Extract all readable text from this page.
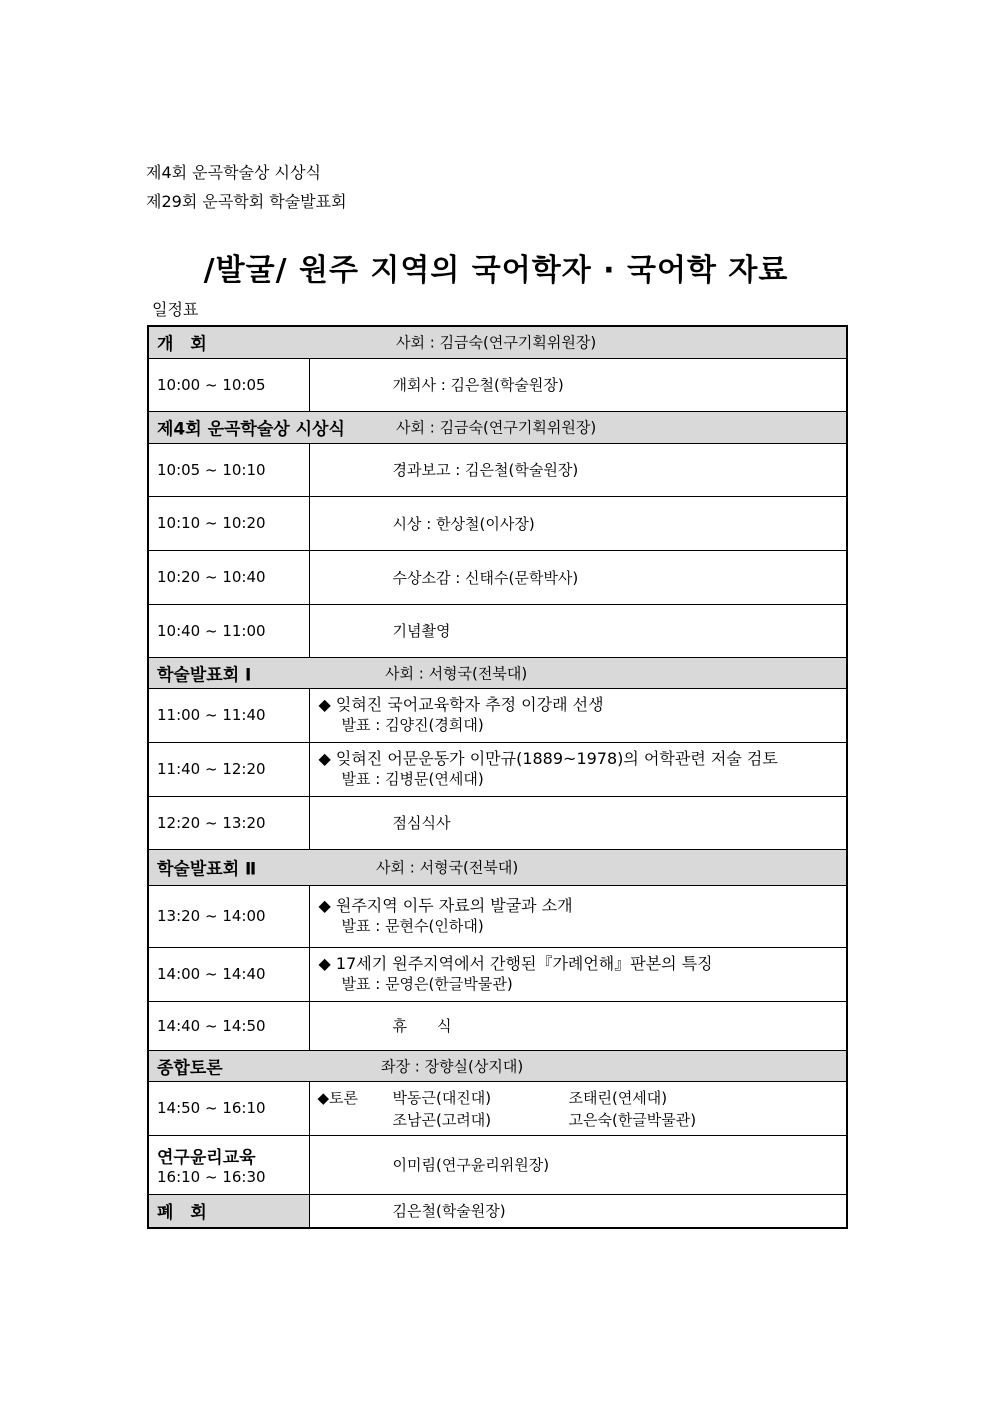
제4회 운곡학술상 시상식
제29회 운곡학회 학술발표회
/발굴/ 원주 지역의 국어학자 · 국어학 자료
일정표
개　회 사회 : 김금숙(연구기획위원장)	

10:00 ~ 10:05	개회사 : 김은철(학술원장)

제4회 운곡학술상 시상식 사회 : 김금숙(연구기획위원장)	

10:05 ~ 10:10	경과보고 : 김은철(학술원장)
10:10 ~ 10:20	시상 : 한상철(이사장)
10:20 ~ 10:40	수상소감 : 신태수(문학박사)
10:40 ~ 11:00	기념촬영

학술발표회 Ⅰ 사회 : 서형국(전북대)	

11:00 ~ 11:40	◆ 잊혀진 국어교육학자 추정 이강래 선생
발표 : 김양진(경희대)

11:40 ~ 12:20	◆ 잊혀진 어문운동가 이만규(1889~1978)의 어학관련 저술 검토
발표 : 김병문(연세대)

12:20 ~ 13:20	점심식사

학술발표회 Ⅱ 사회 : 서형국(전북대)	

13:20 ~ 14:00	◆ 원주지역 이두 자료의 발굴과 소개
발표 : 문현수(인하대)

14:00 ~ 14:40	◆ 17세기 원주지역에서 간행된『가례언해』판본의 특징
발표 : 문영은(한글박물관)

14:40 ~ 14:50	휴　　식

종합토론 좌장 : 장향실(상지대)	

14:50 ~ 16:10	◆토론 박동근(대진대) 조태린(연세대)
조남곤(고려대) 고은숙(한글박물관)

연구윤리교육
16:10 ~ 16:30	이미림(연구윤리위원장)
폐　회	김은철(학술원장)
